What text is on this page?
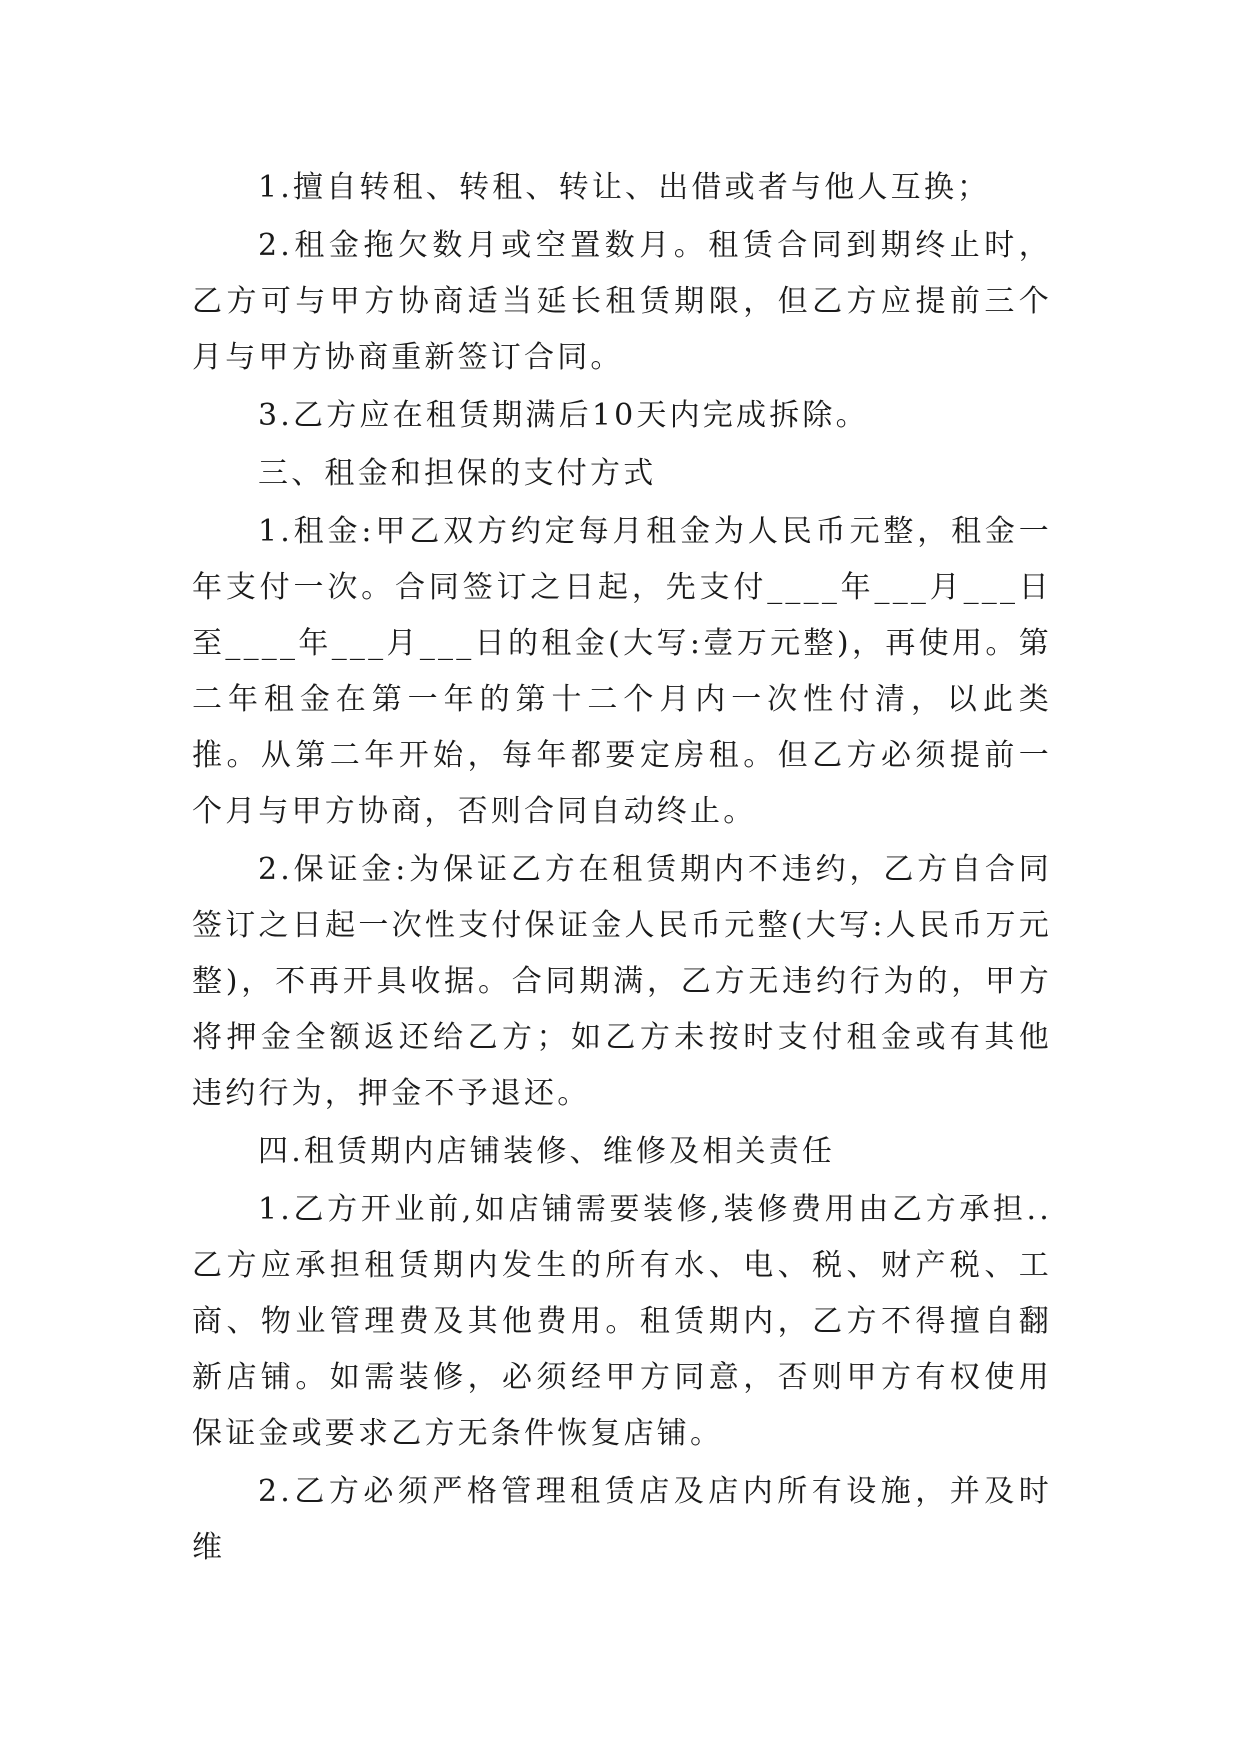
1.擅自转租、转租、转让、出借或者与他人互换；

2.租金拖欠数月或空置数月。租赁合同到期终止时，乙方可与甲方协商适当延长租赁期限，但乙方应提前三个月与甲方协商重新签订合同。

3.乙方应在租赁期满后10天内完成拆除。

三、租金和担保的支付方式

1.租金:甲乙双方约定每月租金为人民币元整，租金一年支付一次。合同签订之日起，先支付____年___月___日至____年___月___日的租金(大写:壹万元整)，再使用。第二年租金在第一年的第十二个月内一次性付清，以此类推。从第二年开始，每年都要定房租。但乙方必须提前一个月与甲方协商，否则合同自动终止。

2.保证金:为保证乙方在租赁期内不违约，乙方自合同签订之日起一次性支付保证金人民币元整(大写:人民币万元整)，不再开具收据。合同期满，乙方无违约行为的，甲方将押金全额返还给乙方；如乙方未按时支付租金或有其他违约行为，押金不予退还。

四.租赁期内店铺装修、维修及相关责任

1.乙方开业前,如店铺需要装修,装修费用由乙方承担..乙方应承担租赁期内发生的所有水、电、税、财产税、工商、物业管理费及其他费用。租赁期内，乙方不得擅自翻新店铺。如需装修，必须经甲方同意，否则甲方有权使用保证金或要求乙方无条件恢复店铺。

2.乙方必须严格管理租赁店及店内所有设施，并及时维
